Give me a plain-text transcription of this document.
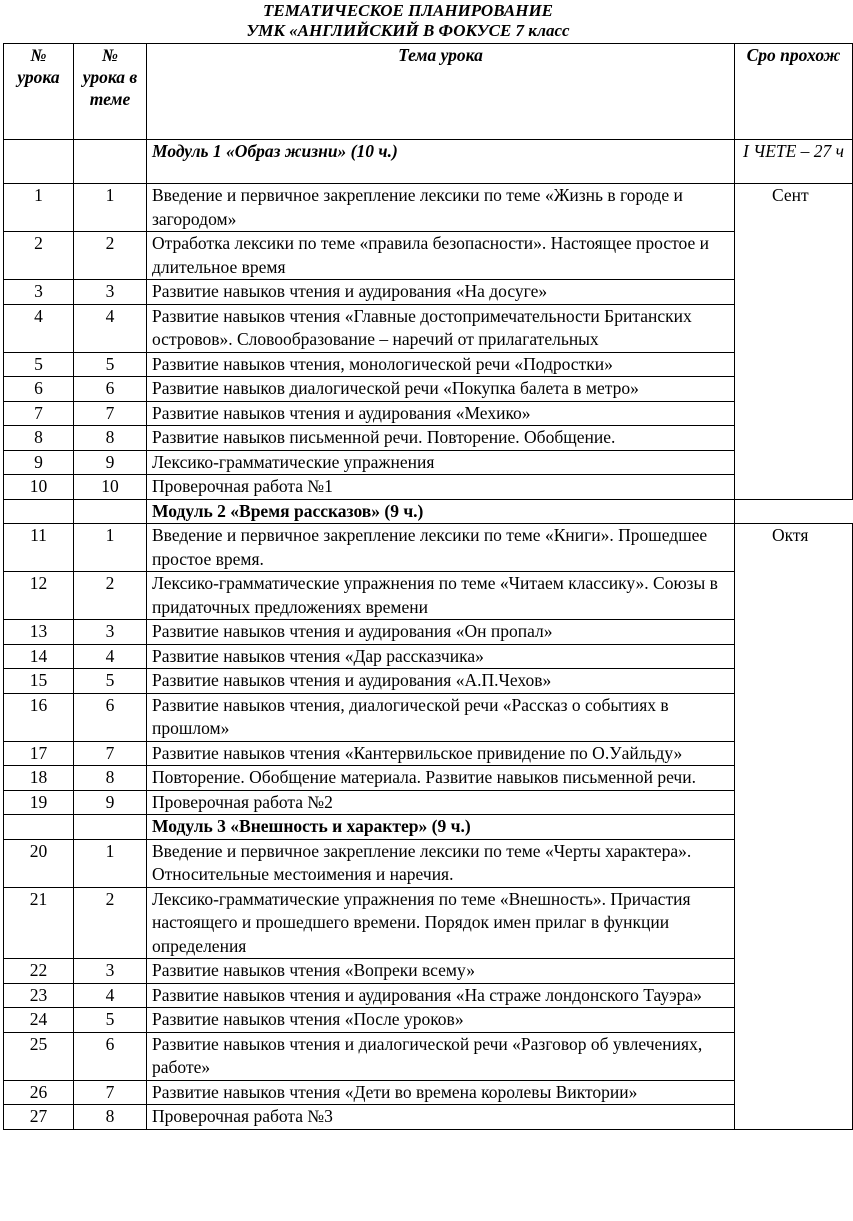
ТЕМАТИЧЕСКОЕ ПЛАНИРОВАНИЕ
УМК «АНГЛИЙСКИЙ В ФОКУСЕ 7 класс
№ урока	№ урока в теме	Тема урока	Сро прохож
		Модуль 1 «Образ жизни» (10 ч.)	I ЧЕТЕ – 27 ч
1	1	Введение и первичное закрепление лексики по теме «Жизнь в городе и загородом»	Сент

2	2	Отработка лексики по теме «правила безопасности». Настоящее простое и длительное время	
3	3	Развитие навыков чтения и аудирования «На досуге»	
4	4	Развитие навыков чтения «Главные достопримечательности Британских островов». Словообразование – наречий от прилагательных	
5	5	Развитие навыков чтения, монологической речи «Подростки»	
6	6	Развитие навыков диалогической речи «Покупка балета в метро»	
7	7	Развитие навыков чтения и аудирования «Мехико»	
8	8	Развитие навыков письменной речи. Повторение. Обобщение.	
9	9	Лексико-грамматические упражнения	
10	10	Проверочная работа №1	
		Модуль 2 «Время рассказов» (9 ч.)	
11	1	Введение и первичное закрепление лексики по теме «Книги». Прошедшее простое время.	Октя

12	2	Лексико-грамматические упражнения по теме «Читаем классику». Союзы в придаточных предложениях времени	
13	3	Развитие навыков чтения и аудирования «Он пропал»	
14	4	Развитие навыков чтения «Дар рассказчика»	
15	5	Развитие навыков чтения и аудирования «А.П.Чехов»	
16	6	Развитие навыков чтения, диалогической речи «Рассказ о событиях в прошлом»	
17	7	Развитие навыков чтения «Кантервильское привидение по О.Уайльду»	
18	8	Повторение. Обобщение материала. Развитие навыков письменной речи.	
19	9	Проверочная работа №2	
		Модуль 3 «Внешность и характер» (9 ч.)	
20	1	Введение и первичное закрепление лексики по теме «Черты характера». Относительные местоимения и наречия.	
21	2	Лексико-грамматические упражнения по теме «Внешность». Причастия настоящего и прошедшего времени. Порядок имен прилаг в функции определения	
22	3	Развитие навыков чтения «Вопреки всему»	
23	4	Развитие навыков чтения и аудирования «На страже лондонского Тауэра»	
24	5	Развитие навыков чтения «После уроков»	
25	6	Развитие навыков чтения и диалогической речи «Разговор об увлечениях, работе»	
26	7	Развитие навыков чтения «Дети во времена королевы Виктории»	
27	8	Проверочная работа №3	
